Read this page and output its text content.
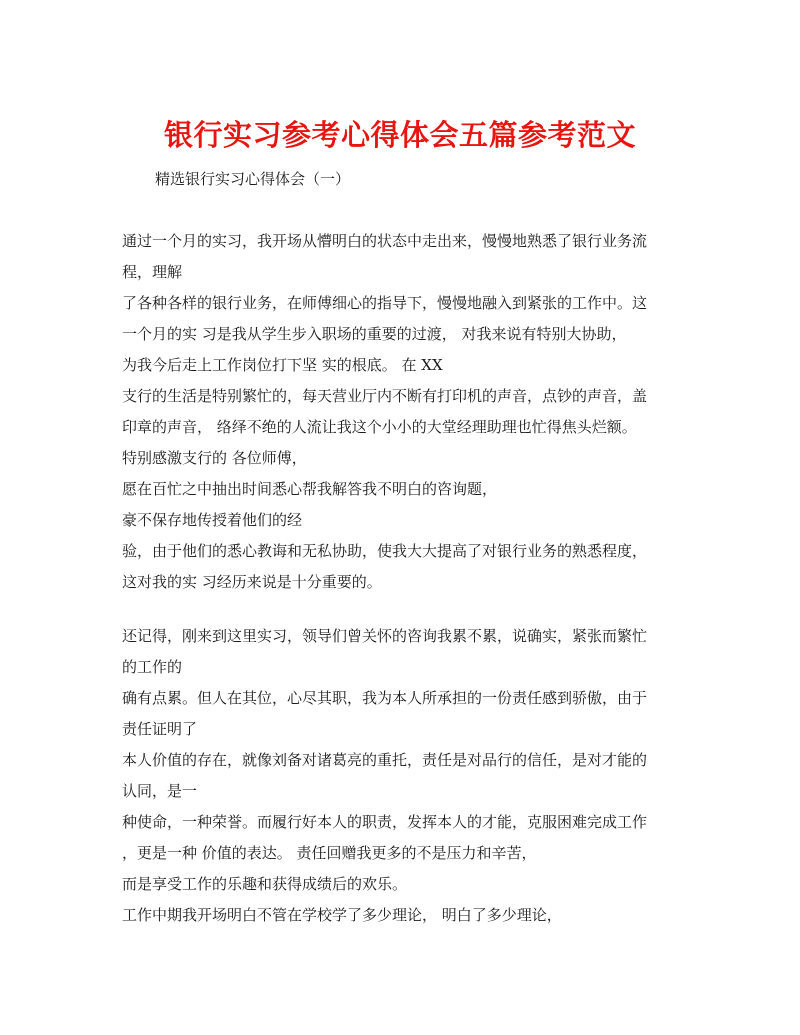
银行实习参考心得体会五篇参考范文
精选银行实习心得体会（一）
通过一个月的实习，我开场从懵明白的状态中走出来，慢慢地熟悉了银行业务流
程，理解
了各种各样的银行业务，在师傅细心的指导下，慢慢地融入到紧张的工作中。这
一个月的实 习是我从学生步入职场的重要的过渡， 对我来说有特别大协助，
为我今后走上工作岗位打下坚 实的根底。 在 XX
支行的生活是特别繁忙的，每天营业厅内不断有打印机的声音，点钞的声音，盖
印章的声音， 络绎不绝的人流让我这个小小的大堂经理助理也忙得焦头烂额。
特别感激支行的 各位师傅，
愿在百忙之中抽出时间悉心帮我解答我不明白的咨询题，
豪不保存地传授着他们的经
验，由于他们的悉心教诲和无私协助，使我大大提高了对银行业务的熟悉程度，
这对我的实 习经历来说是十分重要的。
还记得，刚来到这里实习，领导们曾关怀的咨询我累不累，说确实，紧张而繁忙
的工作的
确有点累。但人在其位，心尽其职，我为本人所承担的一份责任感到骄傲，由于
责任证明了
本人价值的存在，就像刘备对诸葛亮的重托，责任是对品行的信任，是对才能的
认同，是一
种使命，一种荣誉。而履行好本人的职责，发挥本人的才能，克服困难完成工作
，更是一种 价值的表达。 责任回赠我更多的不是压力和辛苦，
而是享受工作的乐趣和获得成绩后的欢乐。
工作中期我开场明白不管在学校学了多少理论， 明白了多少理论，
